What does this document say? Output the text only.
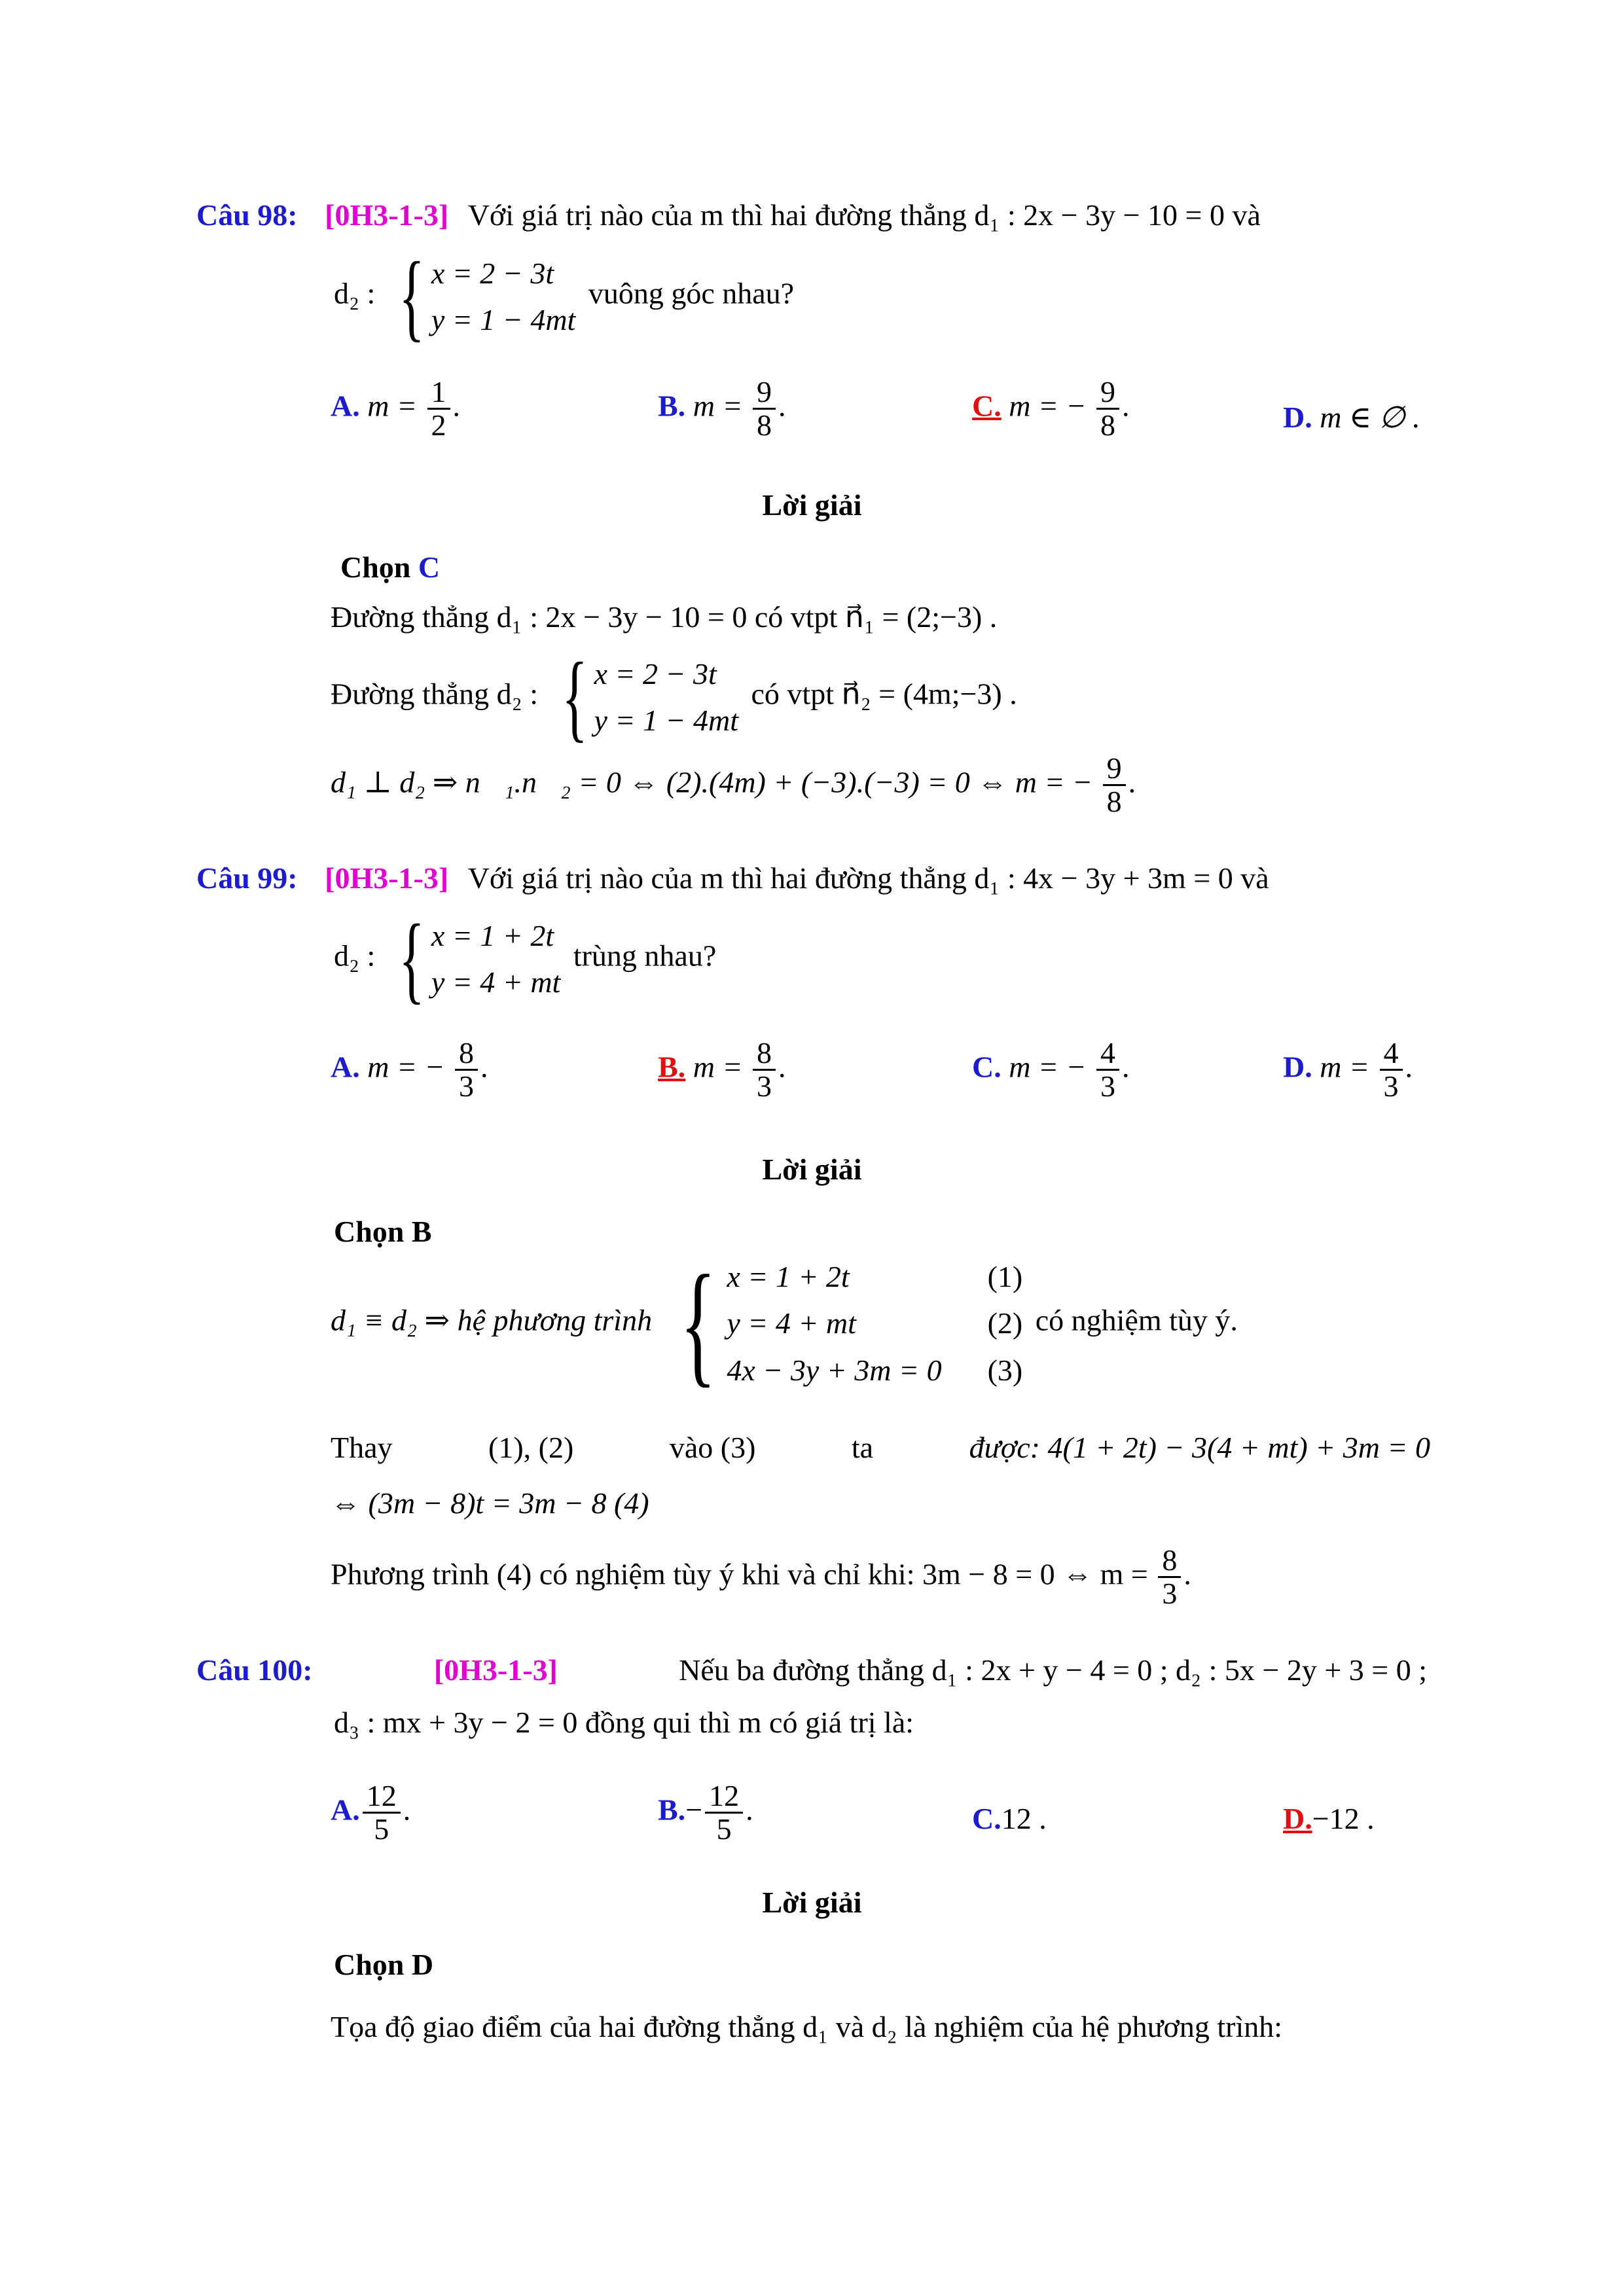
Câu 98: [0H3-1-3] Với giá trị nào của m thì hai đường thẳng d₁ : 2x − 3y − 10 = 0 và
d₂ : { x = 2 − 3t
y = 1 − 4mt
vuông góc nhau?
A. $m = \frac{1}{2}$ .	B. $m = \frac{9}{8}$ .	C. m = − $\frac{9}{8}$ .	D. m ∈ ∅ .
Lời giải
Chọn C
Đường thẳng d₁ : 2x − 3y − 10 = 0 có vtpt n⃗₁ = (2;−3) .
Đường thẳng d₂ : { x = 2 − 3t
y = 1 − 4mt
có vtpt n⃗₂ = (4m;−3) .
d₁ ⊥ d₂ ⇒ n⃗₁.n⃗₂ = 0 ⇔ (2).(4m) + (−3).(−3) = 0 ⇔ m = − $\frac{9}{8}$ .
Câu 99: [0H3-1-3] Với giá trị nào của m thì hai đường thẳng d₁ : 4x − 3y + 3m = 0 và
d₂ : { x = 1 + 2t
y = 4 + mt
trùng nhau?
A. m = − $\frac{8}{3}$ .	B. $m = \frac{8}{3}$ .	C. m = − $\frac{4}{3}$ .	D. $m = \frac{4}{3}$ .
Lời giải
Chọn B
d₁ ≡ d₂ ⇒ hệ phương trình { x = 1 + 2t
y = 4 + mt
4x − 3y + 3m = 0
(1)
(2)
(3)
có nghiệm tùy ý.
Thay	(1), (2)	vào (3)	ta	được: 4(1 + 2t) − 3(4 + mt) + 3m = 0
⇔ (3m − 8)t = 3m − 8 (4)
Phương trình (4) có nghiệm tùy ý khi và chỉ khi: 3m − 8 = 0 ⇔ $m = \frac{8}{3}$ .
Câu 100:	[0H3-1-3]	Nếu ba đường thẳng d₁ : 2x + y − 4 = 0 ; d₂ : 5x − 2y + 3 = 0 ;
d₃ : mx + 3y − 2 = 0 đồng qui thì m có giá trị là:
A. $\frac{12}{5}$ .	$B.- \frac{12}{5}$ .	C.12 .	D.−12 .
Lời giải
Chọn D
Tọa độ giao điểm của hai đường thẳng d₁ và d₂ là nghiệm của hệ phương trình:
